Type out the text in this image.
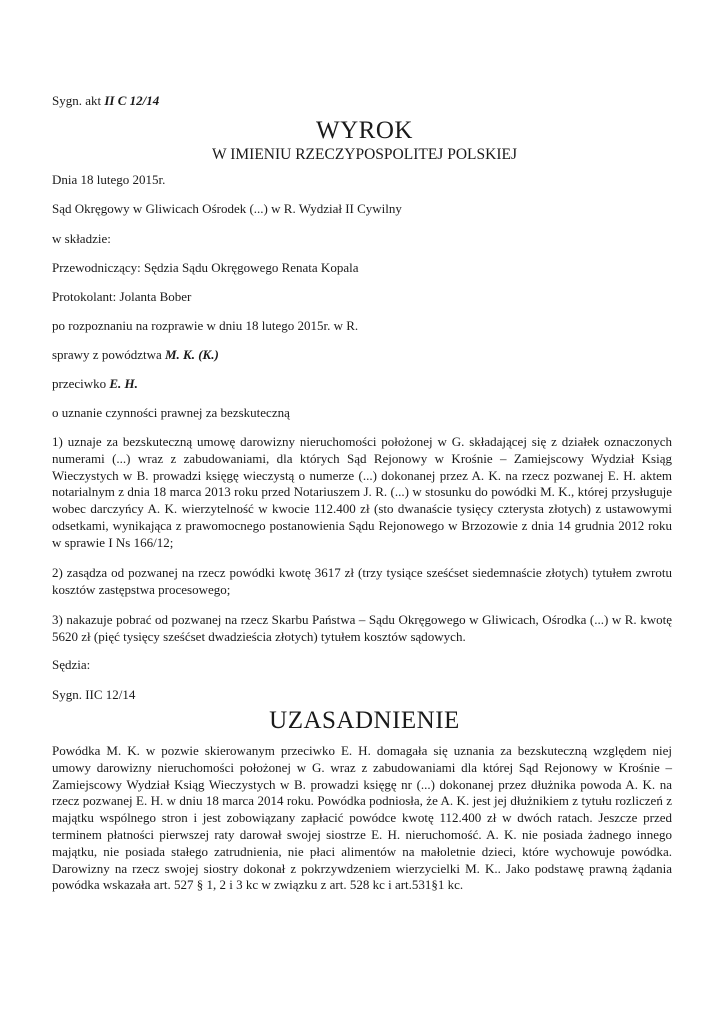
Sygn. akt II C 12/14
WYROK
W IMIENIU RZECZYPOSPOLITEJ POLSKIEJ
Dnia 18 lutego 2015r.
Sąd Okręgowy w Gliwicach Ośrodek (...) w R. Wydział II Cywilny
w składzie:
Przewodniczący: Sędzia Sądu Okręgowego Renata Kopala
Protokolant: Jolanta Bober
po rozpoznaniu na rozprawie w dniu 18 lutego 2015r. w R.
sprawy z powództwa M. K. (K.)
przeciwko E. H.
o uznanie czynności prawnej za bezskuteczną
1) uznaje za bezskuteczną umowę darowizny nieruchomości położonej w G. składającej się z działek oznaczonych numerami (...) wraz z zabudowaniami, dla których Sąd Rejonowy w Krośnie – Zamiejscowy Wydział Ksiąg Wieczystych w B. prowadzi księgę wieczystą o numerze (...) dokonanej przez A. K. na rzecz pozwanej E. H. aktem notarialnym z dnia 18 marca 2013 roku przed Notariuszem J. R. (...) w stosunku do powódki M. K., której przysługuje wobec darczyńcy A. K. wierzytelność w kwocie 112.400 zł (sto dwanaście tysięcy czterysta złotych) z ustawowymi odsetkami, wynikająca z prawomocnego postanowienia Sądu Rejonowego w Brzozowie z dnia 14 grudnia 2012 roku w sprawie I Ns 166/12;
2) zasądza od pozwanej na rzecz powódki kwotę 3617 zł (trzy tysiące sześćset siedemnaście złotych) tytułem zwrotu kosztów zastępstwa procesowego;
3) nakazuje pobrać od pozwanej na rzecz Skarbu Państwa – Sądu Okręgowego w Gliwicach, Ośrodka (...) w R. kwotę 5620 zł (pięć tysięcy sześćset dwadzieścia złotych) tytułem kosztów sądowych.
Sędzia:
Sygn. IIC 12/14
UZASADNIENIE
Powódka M. K. w pozwie skierowanym przeciwko E. H. domagała się uznania za bezskuteczną względem niej umowy darowizny nieruchomości położonej w G. wraz z zabudowaniami dla której Sąd Rejonowy w Krośnie – Zamiejscowy Wydział Ksiąg Wieczystych w B. prowadzi księgę nr (...) dokonanej przez dłużnika powoda A. K. na rzecz pozwanej E. H. w dniu 18 marca 2014 roku. Powódka podniosła, że A. K. jest jej dłużnikiem z tytułu rozliczeń z majątku wspólnego stron i jest zobowiązany zapłacić powódce kwotę 112.400 zł w dwóch ratach. Jeszcze przed terminem płatności pierwszej raty darował swojej siostrze E. H. nieruchomość. A. K. nie posiada żadnego innego majątku, nie posiada stałego zatrudnienia, nie płaci alimentów na małoletnie dzieci, które wychowuje powódka. Darowizny na rzecz swojej siostry dokonał z pokrzywdzeniem wierzycielki M. K.. Jako podstawę prawną żądania powódka wskazała art. 527 § 1, 2 i 3 kc w związku z art. 528 kc i art.531§1 kc.
